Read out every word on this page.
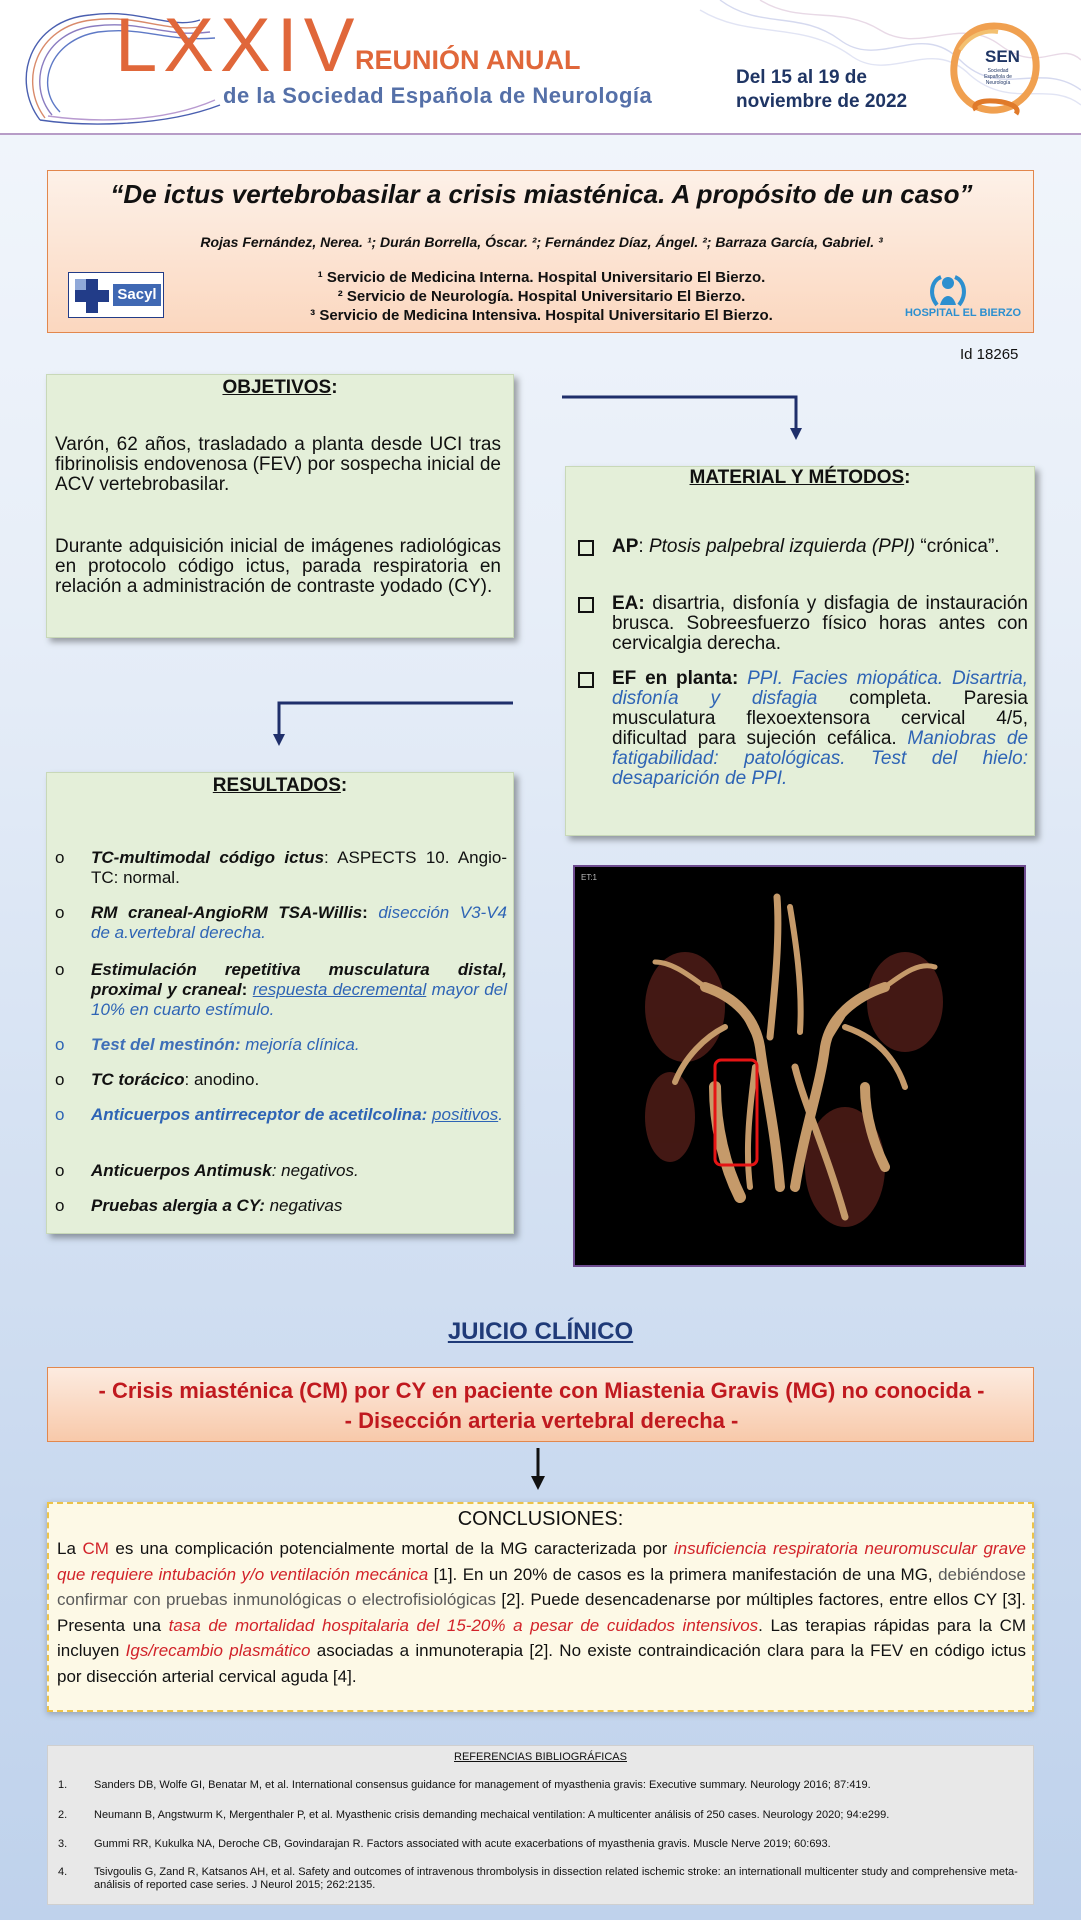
LXXIV
REUNIÓN ANUAL
de la Sociedad Española de Neurología
Del 15 al 19 de
noviembre de 2022
SEN
Sociedad Española de Neurología
“De ictus vertebrobasilar a crisis miasténica. A propósito de un caso”
Rojas Fernández, Nerea. ¹; Durán Borrella, Óscar. ²; Fernández Díaz, Ángel. ²; Barraza García, Gabriel. ³
¹ Servicio de Medicina Interna. Hospital Universitario El Bierzo.
² Servicio de Neurología. Hospital Universitario El Bierzo.
³ Servicio de Medicina Intensiva. Hospital Universitario El Bierzo.
Sacyl
HOSPITAL EL BIERZO
Id 18265
OBJETIVOS:

Varón, 62 años, trasladado a planta desde UCI tras fibrinolisis endovenosa (FEV) por sospecha inicial de ACV vertebrobasilar.

Durante adquisición inicial de imágenes radiológicas en protocolo código ictus, parada respiratoria en relación a administración de contraste yodado (CY).

MATERIAL Y MÉTODOS:
AP: Ptosis palpebral izquierda (PPI) “crónica”.
EA: disartria, disfonía y disfagia de instauración brusca. Sobreesfuerzo físico horas antes con cervicalgia derecha.
EF en planta: PPI. Facies miopática. Disartria, disfonía y disfagia completa. Paresia musculatura flexoextensora cervical 4/5, dificultad para sujeción cefálica. Maniobras de fatigabilidad: patológicas. Test del hielo: desaparición de PPI.
RESULTADOS:
o TC-multimodal código ictus: ASPECTS 10. Angio-TC: normal.
o RM craneal-AngioRM TSA-Willis: disección V3-V4 de a.vertebral derecha.
o Estimulación repetitiva musculatura distal, proximal y craneal: respuesta decremental mayor del 10% en cuarto estímulo.
o Test del mestinón: mejoría clínica.
o TC torácico: anodino.
o Anticuerpos antirreceptor de acetilcolina: positivos.
o Anticuerpos Antimusk: negativos.
o Pruebas alergia a CY: negativas
ET:1
JUICIO CLÍNICO
- Crisis miasténica (CM) por CY en paciente con Miastenia Gravis (MG) no conocida -
- Disección arteria vertebral derecha -
CONCLUSIONES:
La CM es una complicación potencialmente mortal de la MG caracterizada por insuficiencia respiratoria neuromuscular grave que requiere intubación y/o ventilación mecánica [1]. En un 20% de casos es la primera manifestación de una MG, debiéndose confirmar con pruebas inmunológicas o electrofisiológicas [2]. Puede desencadenarse por múltiples factores, entre ellos CY [3]. Presenta una tasa de mortalidad hospitalaria del 15-20% a pesar de cuidados intensivos. Las terapias rápidas para la CM incluyen Igs/recambio plasmático asociadas a inmunoterapia [2]. No existe contraindicación clara para la FEV en código ictus por disección arterial cervical aguda [4].
REFERENCIAS BIBLIOGRÁFICAS
1. Sanders DB, Wolfe GI, Benatar M, et al. International consensus guidance for management of myasthenia gravis: Executive summary. Neurology 2016; 87:419.
2. Neumann B, Angstwurm K, Mergenthaler P, et al. Myasthenic crisis demanding mechaical ventilation: A multicenter análisis of 250 cases. Neurology 2020; 94:e299.
3. Gummi RR, Kukulka NA, Deroche CB, Govindarajan R. Factors associated with acute exacerbations of myasthenia gravis. Muscle Nerve 2019; 60:693.
4. Tsivgoulis G, Zand R, Katsanos AH, et al. Safety and outcomes of intravenous thrombolysis in dissection related ischemic stroke: an internationall multicenter study and comprehensive meta-análisis of reported case series. J Neurol 2015; 262:2135.
